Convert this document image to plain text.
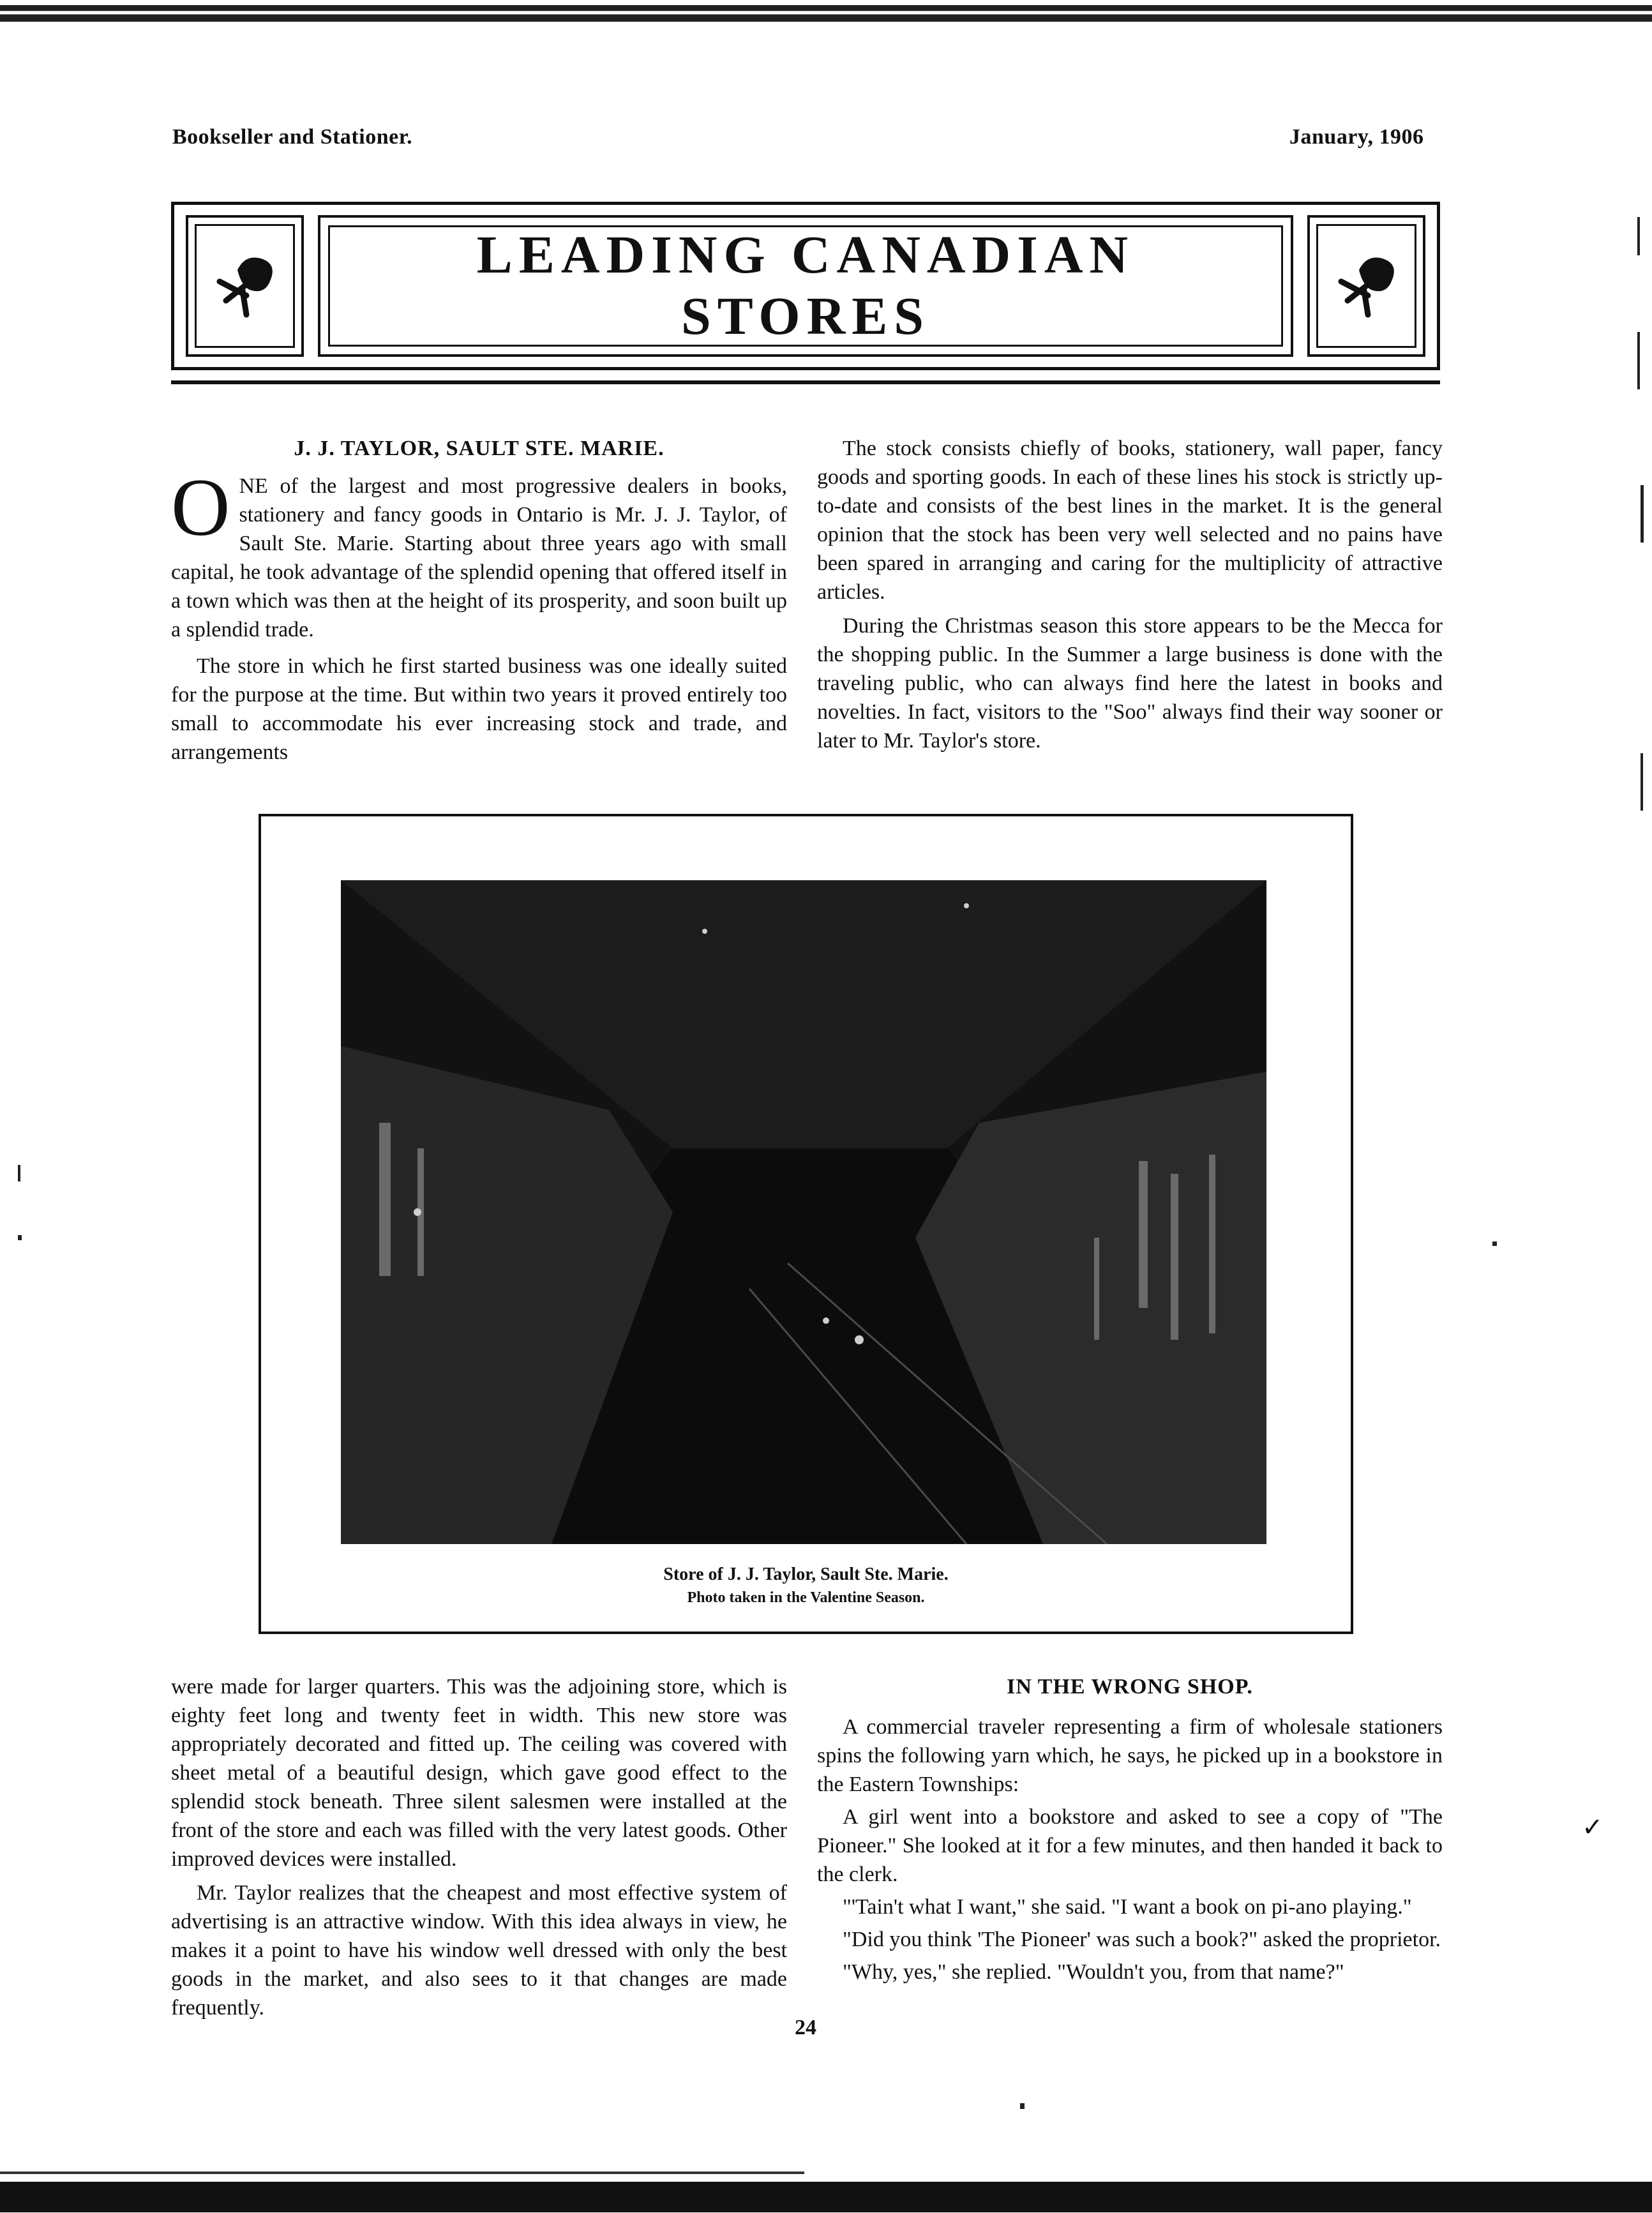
Bookseller and Stationer.	January, 1906
LEADING CANADIAN
STORES
J. J. TAYLOR, SAULT STE. MARIE.

ONE of the largest and most progressive dealers in books, stationery and fancy goods in Ontario is Mr. J. J. Taylor, of Sault Ste. Marie. Starting about three years ago with small capital, he took advantage of the splendid opening that offered itself in a town which was then at the height of its prosperity, and soon built up a splendid trade.

The store in which he first started business was one ideally suited for the purpose at the time. But within two years it proved entirely too small to accommodate his ever increasing stock and trade, and arrangements

The stock consists chiefly of books, stationery, wall paper, fancy goods and sporting goods. In each of these lines his stock is strictly up-to-date and consists of the best lines in the market. It is the general opinion that the stock has been very well selected and no pains have been spared in arranging and caring for the multiplicity of attractive articles.

During the Christmas season this store appears to be the Mecca for the shopping public. In the Summer a large business is done with the traveling public, who can always find here the latest in books and novelties. In fact, visitors to the "Soo" always find their way sooner or later to Mr. Taylor's store.

Store of J. J. Taylor, Sault Ste. Marie.
Photo taken in the Valentine Season.

were made for larger quarters. This was the adjoining store, which is eighty feet long and twenty feet in width. This new store was appropriately decorated and fitted up. The ceiling was covered with sheet metal of a beautiful design, which gave good effect to the splendid stock beneath. Three silent salesmen were installed at the front of the store and each was filled with the very latest goods. Other improved devices were installed.

Mr. Taylor realizes that the cheapest and most effective system of advertising is an attractive window. With this idea always in view, he makes it a point to have his window well dressed with only the best goods in the market, and also sees to it that changes are made frequently.

IN THE WRONG SHOP.

A commercial traveler representing a firm of wholesale stationers spins the following yarn which, he says, he picked up in a bookstore in the Eastern Townships:

A girl went into a bookstore and asked to see a copy of "The Pioneer." She looked at it for a few minutes, and then handed it back to the clerk.

"'Tain't what I want," she said. "I want a book on pi-ano playing."

"Did you think 'The Pioneer' was such a book?" asked the proprietor.

"Why, yes," she replied. "Wouldn't you, from that name?"

24
✓
